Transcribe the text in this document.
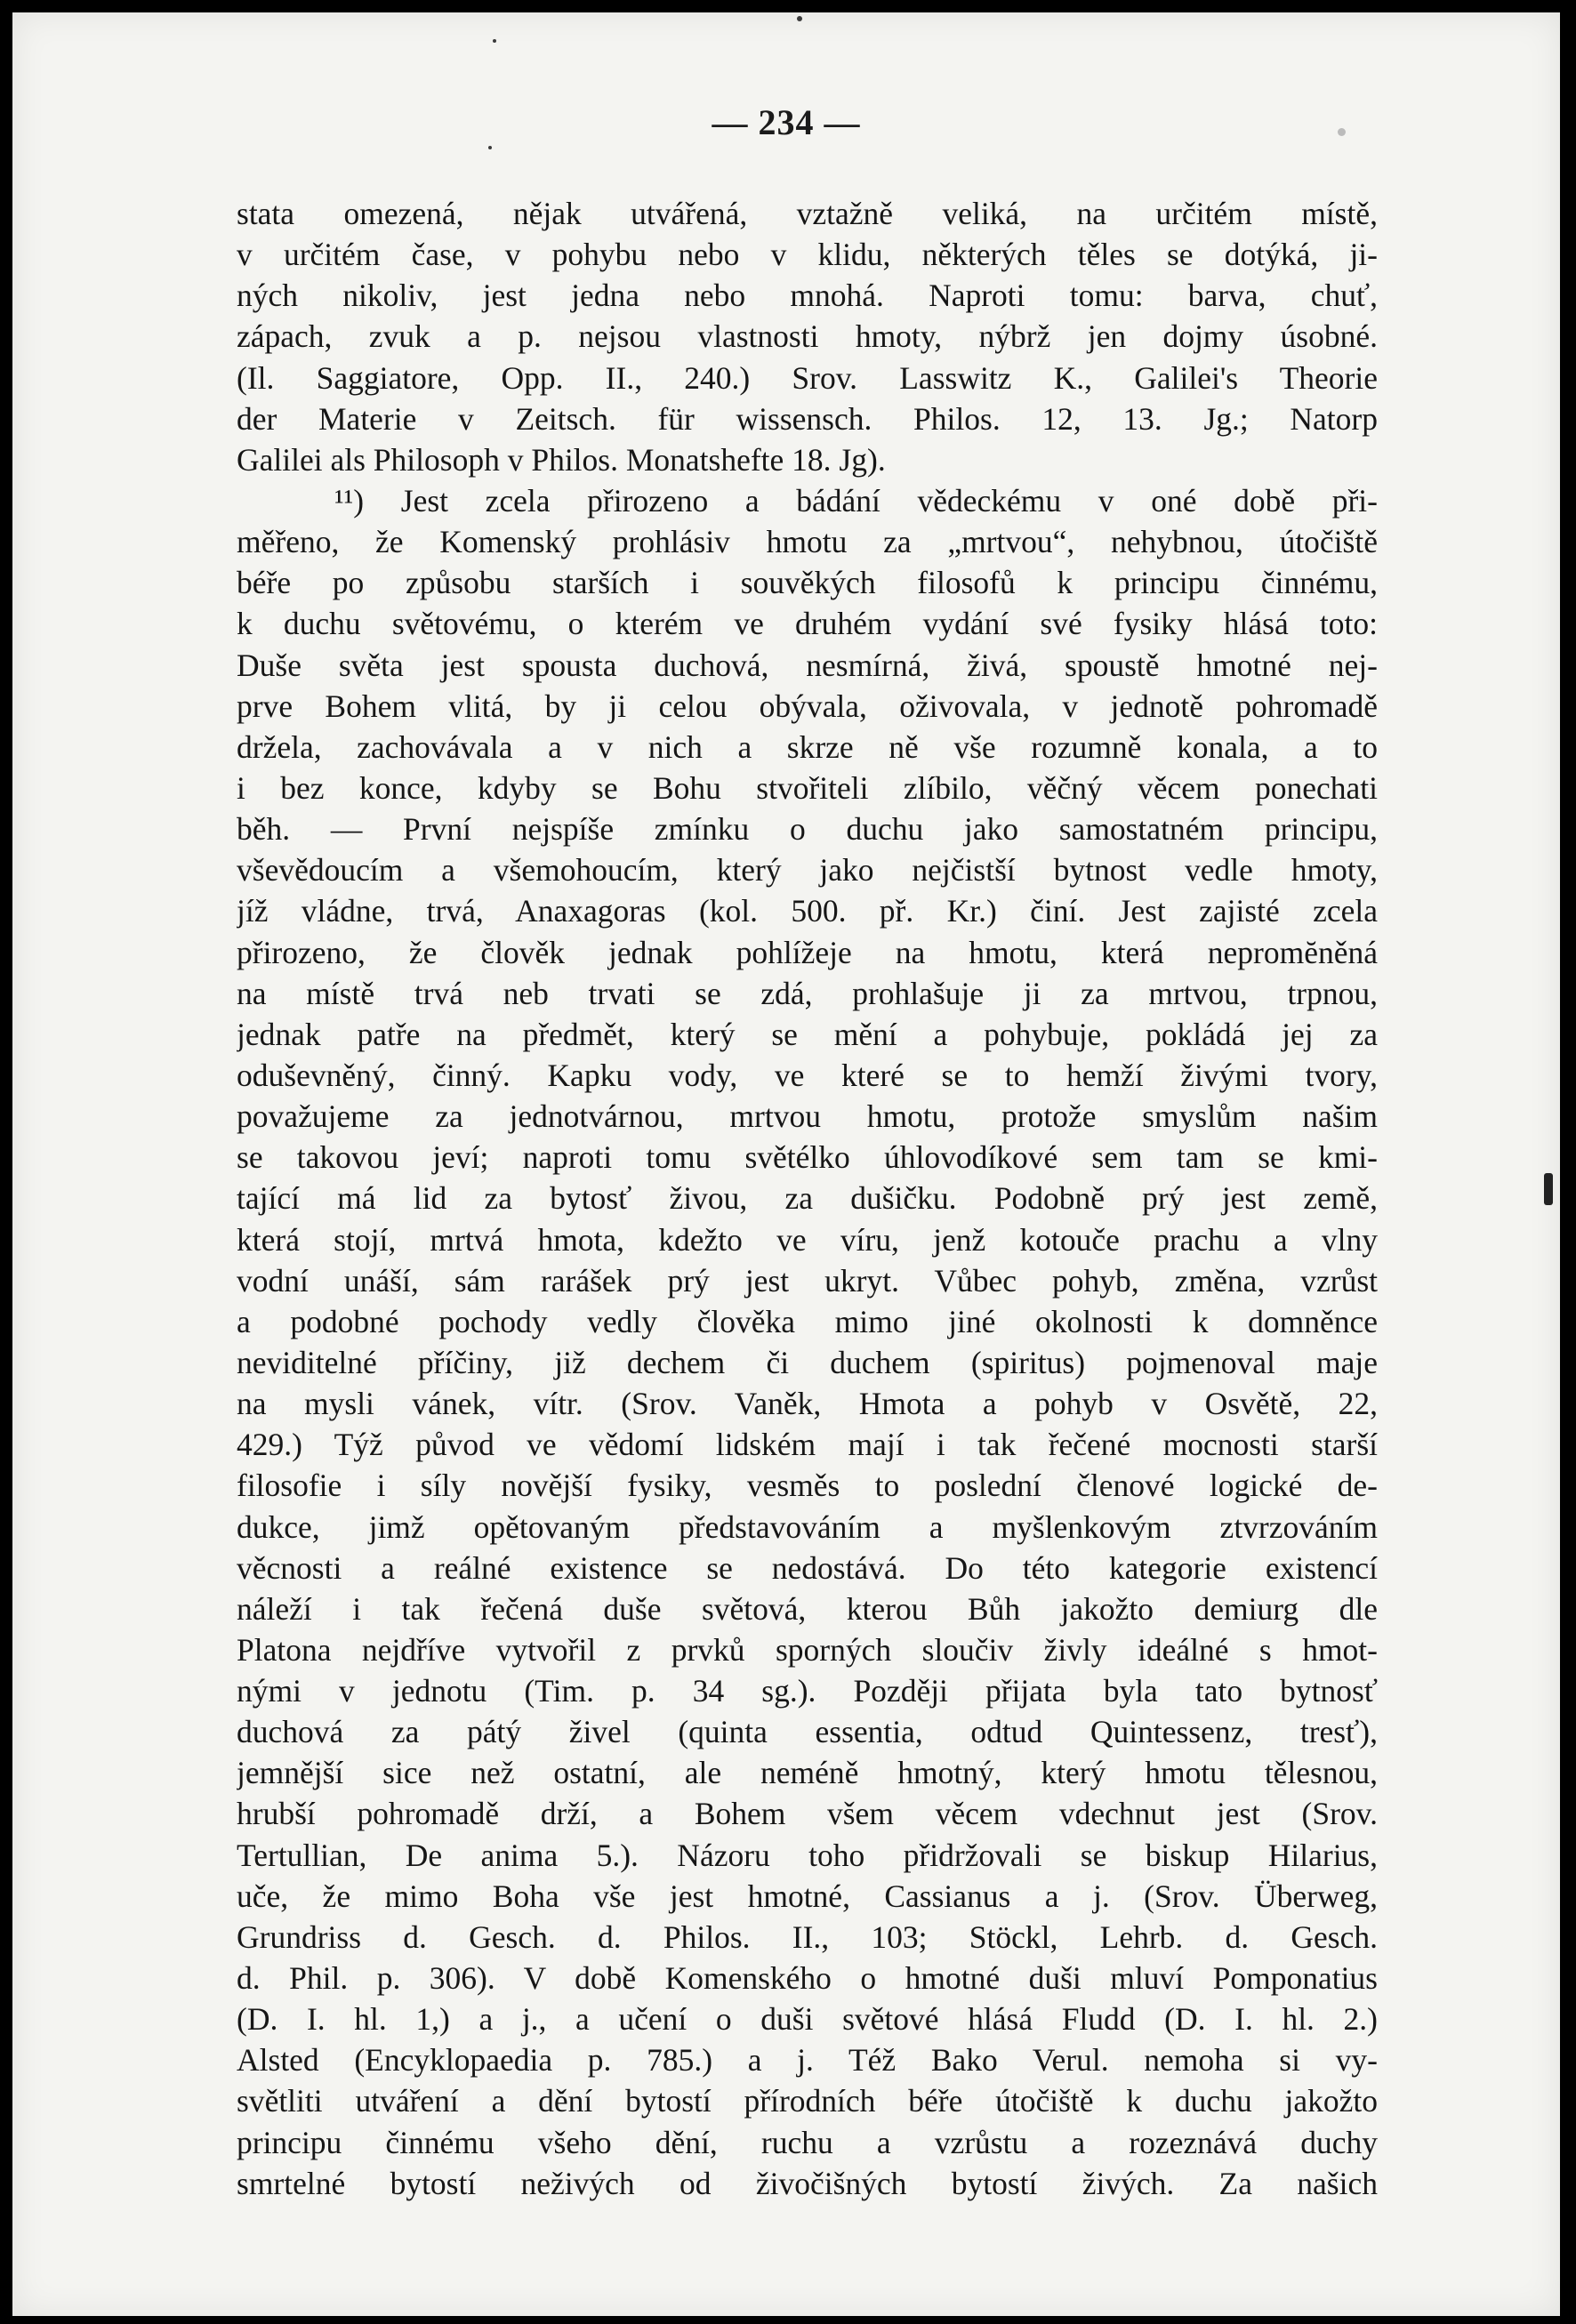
— 234 —
stata omezená, nějak utvářená, vztažně veliká, na určitém místě,
v určitém čase, v pohybu nebo v klidu, některých těles se dotýká, ji-
ných nikoliv, jest jedna nebo mnohá. Naproti tomu: barva, chuť,
zápach, zvuk a p. nejsou vlastnosti hmoty, nýbrž jen dojmy úsobné.
(Il. Saggiatore, Opp. II., 240.) Srov. Lasswitz K., Galilei's Theorie
der Materie v Zeitsch. für wissensch. Philos. 12, 13. Jg.; Natorp
Galilei als Philosoph v Philos. Monatshefte 18. Jg).
¹¹) Jest zcela přirozeno a bádání vědeckému v oné době při-
měřeno, že Komenský prohlásiv hmotu za „mrtvou“, nehybnou, útočiště
béře po způsobu starších i souvěkých filosofů k principu činnému,
k duchu světovému, o kterém ve druhém vydání své fysiky hlásá toto:
Duše světa jest spousta duchová, nesmírná, živá, spoustě hmotné nej-
prve Bohem vlitá, by ji celou obývala, oživovala, v jednotě pohromadě
držela, zachovávala a v nich a skrze ně vše rozumně konala, a to
i bez konce, kdyby se Bohu stvořiteli zlíbilo, věčný věcem ponechati
běh. — První nejspíše zmínku o duchu jako samostatném principu,
vševědoucím a všemohoucím, který jako nejčistší bytnost vedle hmoty,
jíž vládne, trvá, Anaxagoras (kol. 500. př. Kr.) činí. Jest zajisté zcela
přirozeno, že člověk jednak pohlížeje na hmotu, která nepromĕněná
na místě trvá neb trvati se zdá, prohlašuje ji za mrtvou, trpnou,
jednak patře na předmět, který se mění a pohybuje, pokládá jej za
oduševněný, činný. Kapku vody, ve které se to hemží živými tvory,
považujeme za jednotvárnou, mrtvou hmotu, protože smyslům našim
se takovou jeví; naproti tomu světélko úhlovodíkové sem tam se kmi-
tající má lid za bytosť živou, za dušičku. Podobně prý jest země,
která stojí, mrtvá hmota, kdežto ve víru, jenž kotouče prachu a vlny
vodní unáší, sám rarášek prý jest ukryt. Vůbec pohyb, změna, vzrůst
a podobné pochody vedly člověka mimo jiné okolnosti k domněnce
neviditelné příčiny, již dechem či duchem (spiritus) pojmenoval maje
na mysli vánek, vítr. (Srov. Vaněk, Hmota a pohyb v Osvětě, 22,
429.) Týž původ ve vědomí lidském mají i tak řečené mocnosti starší
filosofie i síly novější fysiky, vesměs to poslední členové logické de-
dukce, jimž opětovaným představováním a myšlenkovým ztvrzováním
věcnosti a reálné existence se nedostává. Do této kategorie existencí
náleží i tak řečená duše světová, kterou Bůh jakožto demiurg dle
Platona nejdříve vytvořil z prvků sporných sloučiv živly ideálné s hmot-
nými v jednotu (Tim. p. 34 sg.). Později přijata byla tato bytnosť
duchová za pátý živel (quinta essentia, odtud Quintessenz, tresť),
jemnější sice než ostatní, ale neméně hmotný, který hmotu tělesnou,
hrubší pohromadě drží, a Bohem všem věcem vdechnut jest (Srov.
Tertullian, De anima 5.). Názoru toho přidržovali se biskup Hilarius,
uče, že mimo Boha vše jest hmotné, Cassianus a j. (Srov. Überweg,
Grundriss d. Gesch. d. Philos. II., 103; Stöckl, Lehrb. d. Gesch.
d. Phil. p. 306). V době Komenského o hmotné duši mluví Pomponatius
(D. I. hl. 1,) a j., a učení o duši světové hlásá Fludd (D. I. hl. 2.)
Alsted (Encyklopaedia p. 785.) a j. Též Bako Verul. nemoha si vy-
světliti utváření a dění bytostí přírodních béře útočiště k duchu jakožto
principu činnému všeho dění, ruchu a vzrůstu a rozeznává duchy
smrtelné bytostí neživých od živočišných bytostí živých. Za našich
